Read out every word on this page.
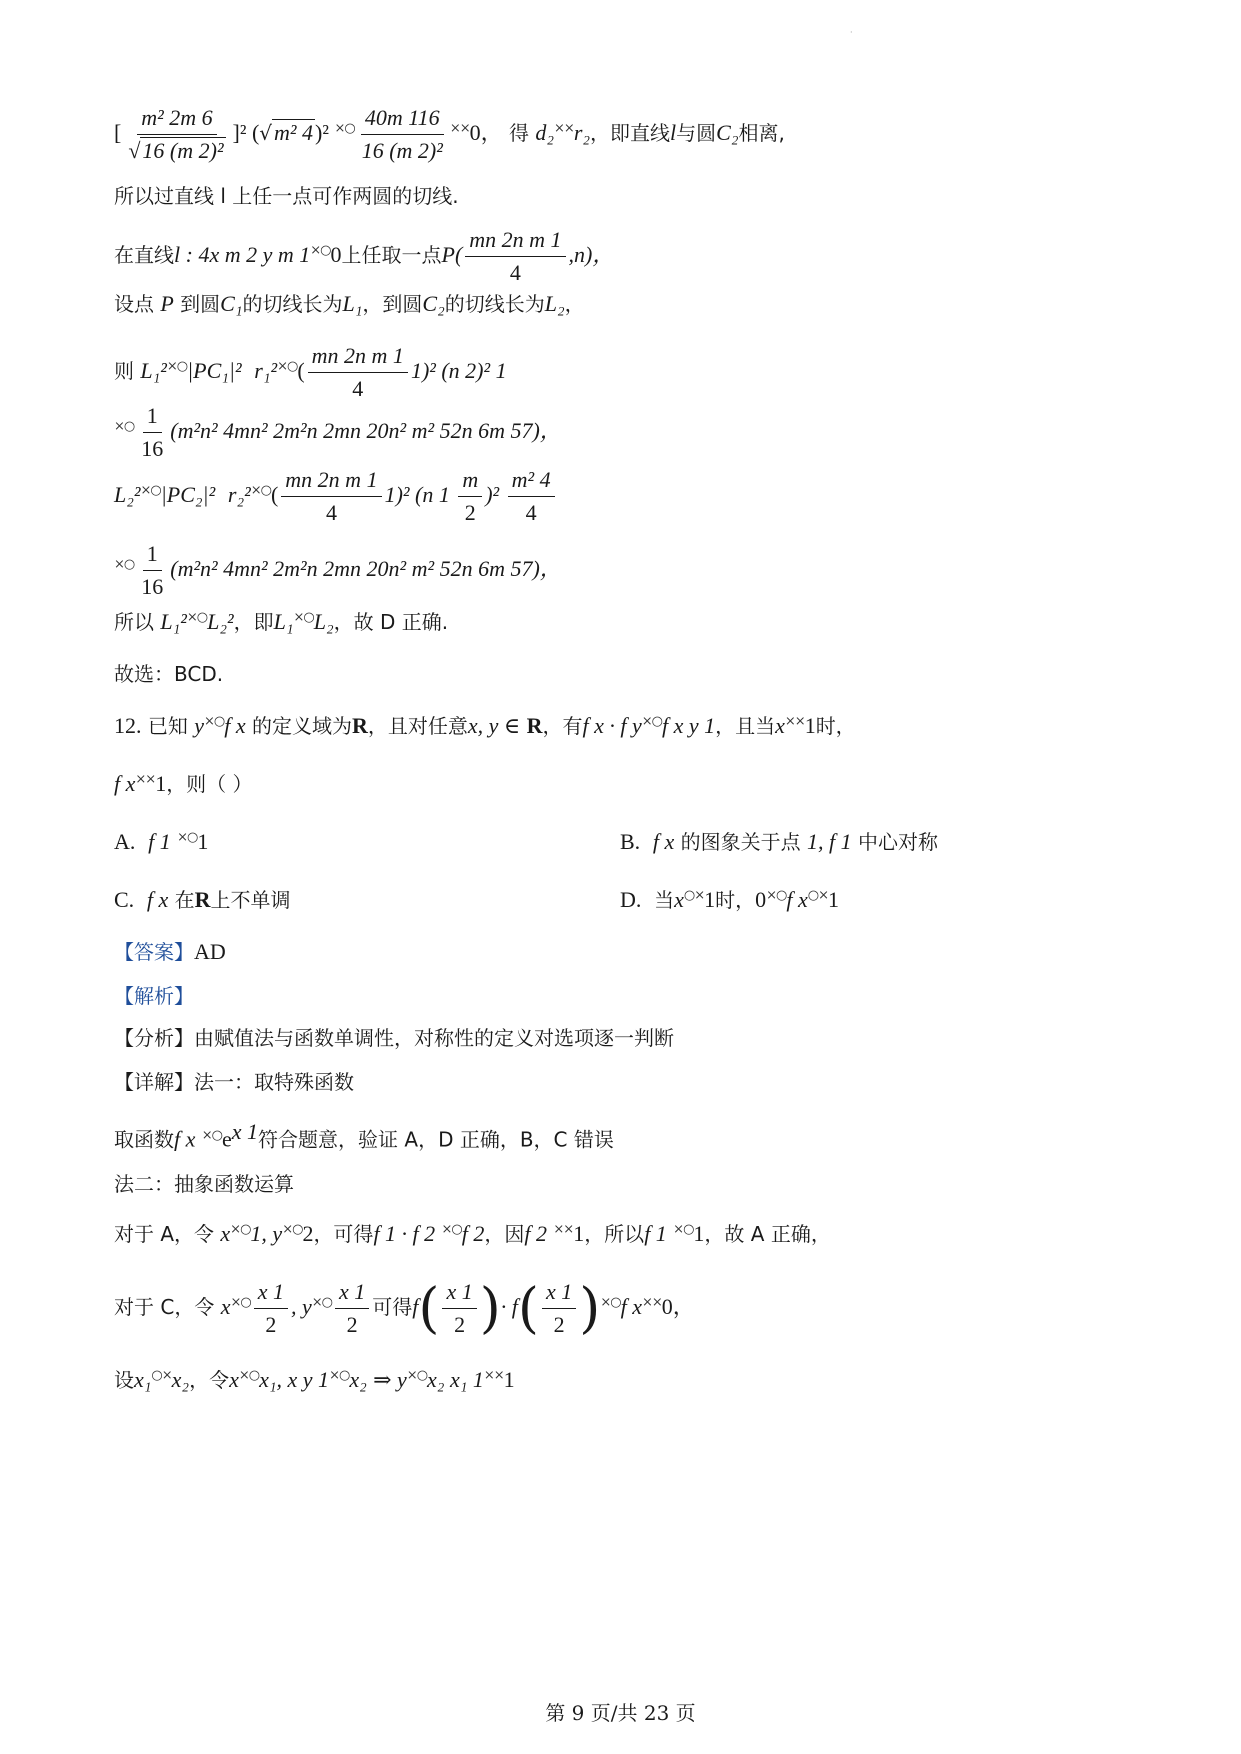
·
[ $\frac{\text{m² 2m 6}}{\text{√16 (m 2)²}} ]^2$ (√m² 4)² $^{\times○} \frac{40m 116}{\text{16 (m 2)²}} ^{\times\times}0$， 得 d₂××r₂，即直线l与圆C₂相离,
所以过直线 l 上任一点可作两圆的切线.
在直线l : 4x m 2 y m 1×○0上任取一点$P( \frac{\text{mn 2n m 1}}{4} ,n)$，
设点 P 到圆C₁的切线长为L₁，到圆C₂的切线长为L₂，
则 L₁²×○|PC₁|² $r_1^2^{\times○}( \frac{\text{mn 2n m 1}}{4} 1)^2$ (n 2)² 1
$^{\times○} \frac{1}{16} (m^2n^2$ 4mn² 2m²n 2mn 20n² m² 52n 6m 57)，
L₂²×○|PC₂|² $r_2^2^{\times○}( \frac{\text{mn 2n m 1}}{4} 1)^2$ (n $1 \frac{m}{2} )^2 \frac{\text{m² 4}}{4}$
$^{\times○} \frac{1}{16} (m^2n^2$ 4mn² 2m²n 2mn 20n² m² 52n 6m 57)，
所以 L₁²×○L₂²，即L₁×○L₂，故 D 正确.
故选：BCD.
12. 已知 y×○f x 的定义域为R，且对任意x, y ∈ R，有f x · f y×○f x y 1，且当x××1时，
f x××1，则（ ）
A. f 1 ×○1	B. f x 的图象关于点 1, f 1 中心对称
C. f x 在R上不单调	D. 当x○×1时，0×○f x○×1
【答案】AD
【解析】
【分析】由赋值法与函数单调性，对称性的定义对选项逐一判断
【详解】法一：取特殊函数
取函数f x $^{\times○}e^{x 1}$符合题意，验证 A，D 正确，B，C 错误
法二：抽象函数运算
对于 A，令 x×○1, y×○2，可得f 1 · f 2 ×○f 2，因f 2 ××1，所以f 1 ×○1，故 A 正确，
对于 C，令 $x^{\times○} \frac{x 1}{2}$ , $y^{\times○} \frac{x 1}{2}$ 可得$f( \frac{x 1}{2}$ )· $f( \frac{x 1}{2} )^{\times○}f$ x××0，
设x₁○×x₂，令x×○x₁, x y 1×○x₂ ⇒ y×○x₂ x₁ 1××1
第 9 页/共 23 页
